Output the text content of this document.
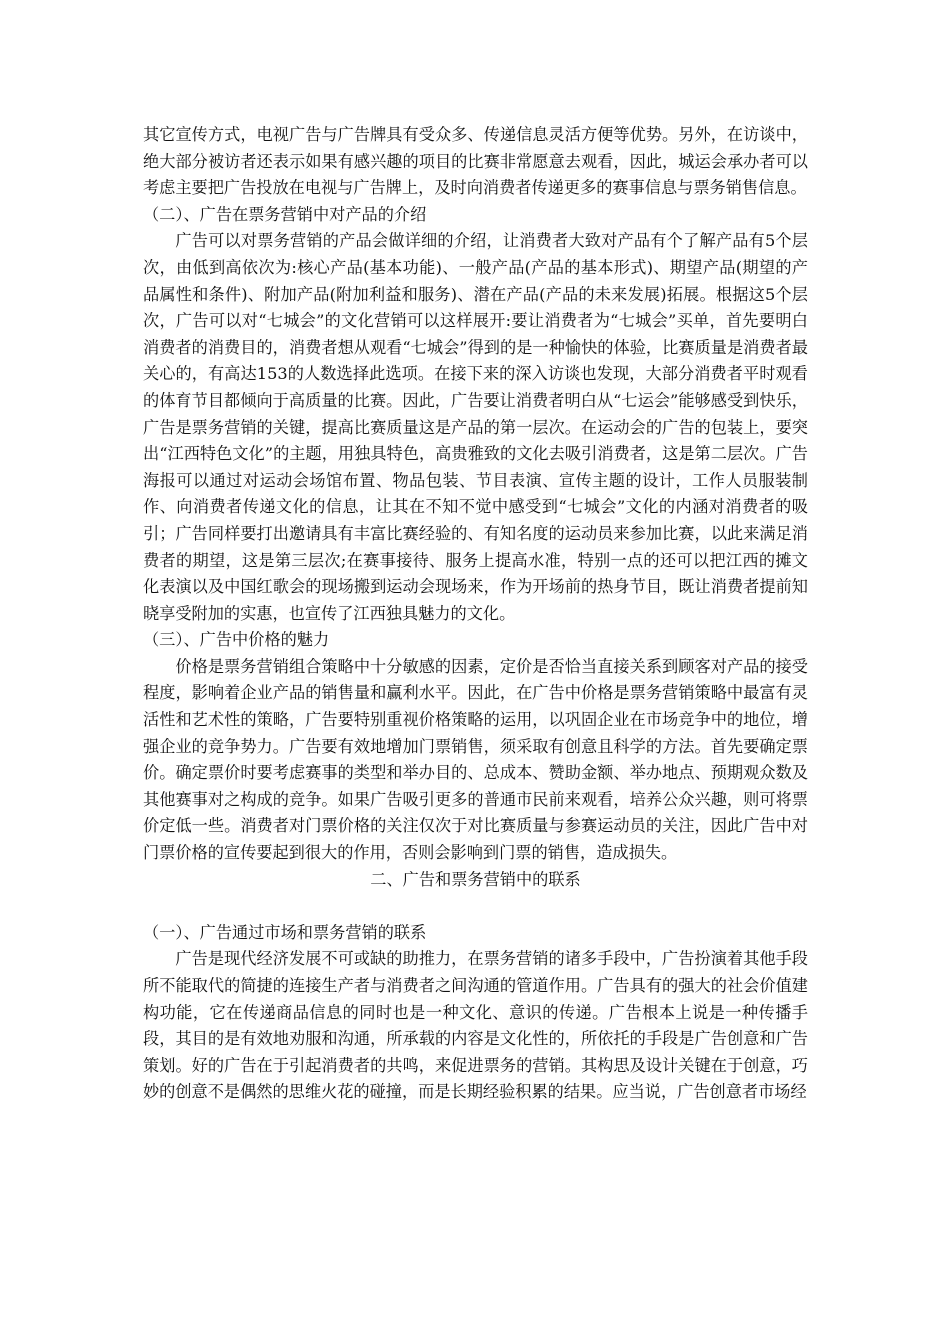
其它宣传方式，电视广告与广告牌具有受众多、传递信息灵活方便等优势。另外，在访谈中，绝大部分被访者还表示如果有感兴趣的项目的比赛非常愿意去观看，因此，城运会承办者可以考虑主要把广告投放在电视与广告牌上，及时向消费者传递更多的赛事信息与票务销售信息。

（二）、广告在票务营销中对产品的介绍

广告可以对票务营销的产品会做详细的介绍，让消费者大致对产品有个了解产品有5个层次，由低到高依次为:核心产品(基本功能)、一般产品(产品的基本形式)、期望产品(期望的产品属性和条件)、附加产品(附加利益和服务)、潜在产品(产品的未来发展)拓展。根据这5个层次，广告可以对“七城会”的文化营销可以这样展开:要让消费者为“七城会”买单，首先要明白消费者的消费目的，消费者想从观看“七城会”得到的是一种愉快的体验，比赛质量是消费者最关心的，有高达153的人数选择此选项。在接下来的深入访谈也发现，大部分消费者平时观看的体育节目都倾向于高质量的比赛。因此，广告要让消费者明白从“七运会”能够感受到快乐，广告是票务营销的关键，提高比赛质量这是产品的第一层次。在运动会的广告的包装上，要突出“江西特色文化”的主题，用独具特色，高贵雅致的文化去吸引消费者，这是第二层次。广告海报可以通过对运动会场馆布置、物品包装、节目表演、宣传主题的设计，工作人员服装制作、向消费者传递文化的信息，让其在不知不觉中感受到“七城会”文化的内涵对消费者的吸引；广告同样要打出邀请具有丰富比赛经验的、有知名度的运动员来参加比赛，以此来满足消费者的期望，这是第三层次;在赛事接待、服务上提高水准，特别一点的还可以把江西的摊文化表演以及中国红歌会的现场搬到运动会现场来，作为开场前的热身节目，既让消费者提前知晓享受附加的实惠，也宣传了江西独具魅力的文化。

（三）、广告中价格的魅力

价格是票务营销组合策略中十分敏感的因素，定价是否恰当直接关系到顾客对产品的接受程度，影响着企业产品的销售量和赢利水平。因此，在广告中价格是票务营销策略中最富有灵活性和艺术性的策略，广告要特别重视价格策略的运用，以巩固企业在市场竞争中的地位，增强企业的竞争势力。广告要有效地增加门票销售，须采取有创意且科学的方法。首先要确定票价。确定票价时要考虑赛事的类型和举办目的、总成本、赞助金额、举办地点、预期观众数及其他赛事对之构成的竞争。如果广告吸引更多的普通市民前来观看，培养公众兴趣，则可将票价定低一些。消费者对门票价格的关注仅次于对比赛质量与参赛运动员的关注，因此广告中对门票价格的宣传要起到很大的作用，否则会影响到门票的销售，造成损失。

二、广告和票务营销中的联系

（一）、广告通过市场和票务营销的联系

广告是现代经济发展不可或缺的助推力，在票务营销的诸多手段中，广告扮演着其他手段所不能取代的简捷的连接生产者与消费者之间沟通的管道作用。广告具有的强大的社会价值建构功能，它在传递商品信息的同时也是一种文化、意识的传递。广告根本上说是一种传播手段，其目的是有效地劝服和沟通，所承载的内容是文化性的，所依托的手段是广告创意和广告策划。好的广告在于引起消费者的共鸣，来促进票务的营销。其构思及设计关键在于创意，巧妙的创意不是偶然的思维火花的碰撞，而是长期经验积累的结果。应当说，广告创意者市场经
